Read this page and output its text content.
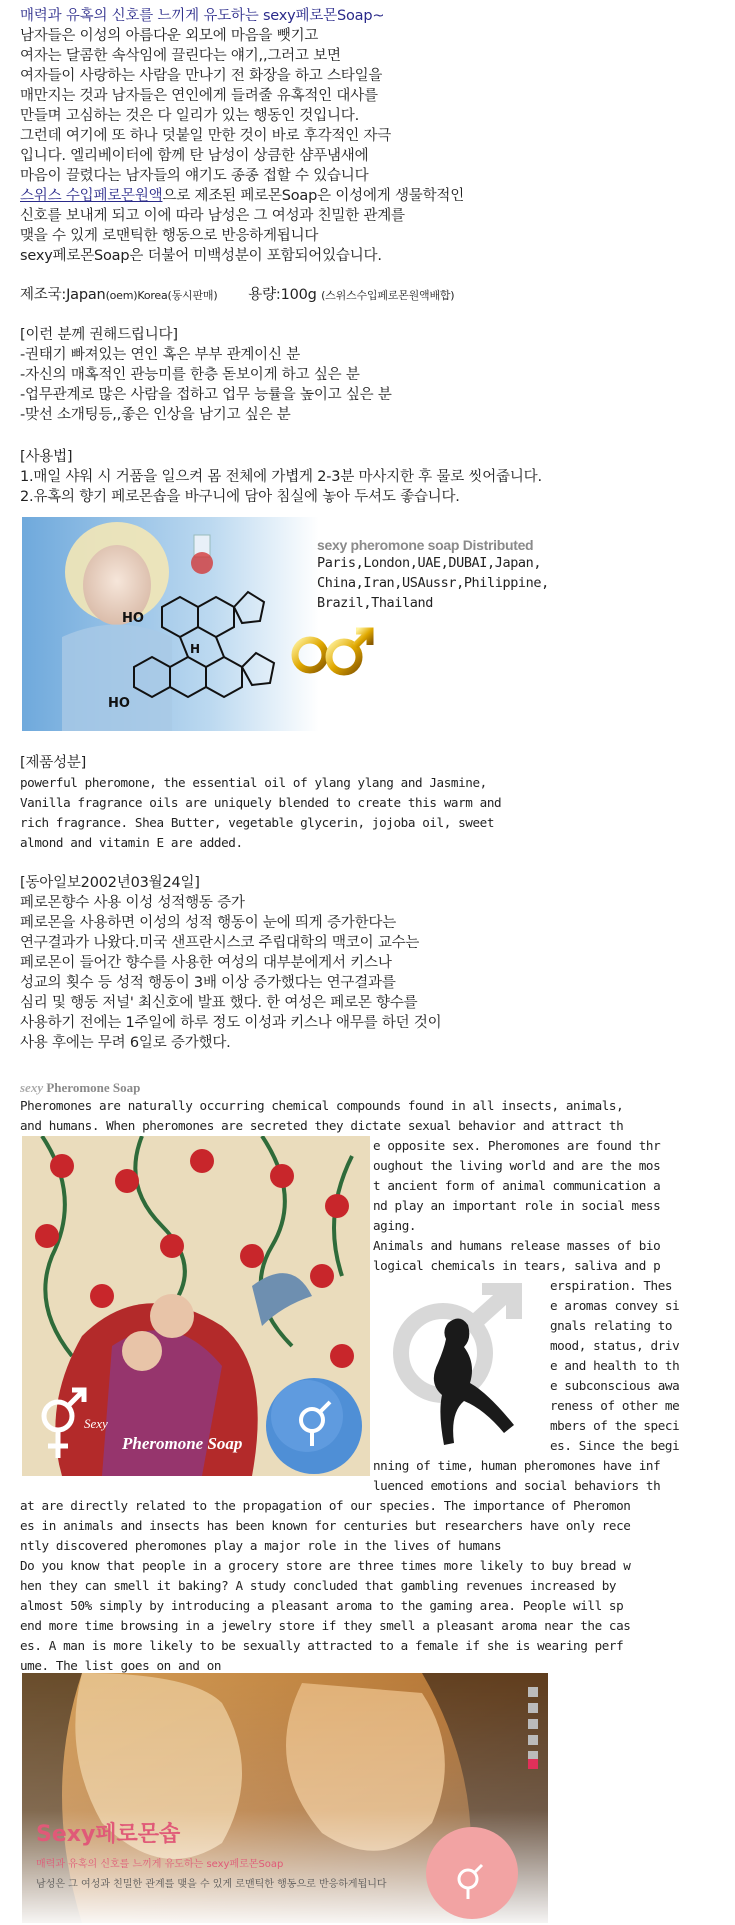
매력과 유혹의 신호를 느끼게 유도하는 sexy페로몬Soap~
남자들은 이성의 아름다운 외모에 마음을 뺏기고
여자는 달콤한 속삭임에 끌린다는 얘기,,그러고 보면
여자들이 사랑하는 사람을 만나기 전 화장을 하고 스타일을
매만지는 것과 남자들은 연인에게 들려줄 유혹적인 대사를
만들며 고심하는 것은 다 일리가 있는 행동인 것입니다.
그런데 여기에 또 하나 덧붙일 만한 것이 바로 후각적인 자극
입니다. 엘리베이터에 함께 탄 남성이 상큼한 샴푸냄새에
마음이 끌렸다는 남자들의 얘기도 종종 접할 수 있습니다
스위스 수입페로몬원액으로 제조된 페로몬Soap은 이성에게 생물학적인
신호를 보내게 되고 이에 따라 남성은 그 여성과 친밀한 관계를
맺을 수 있게 로맨틱한 행동으로 반응하게됩니다
sexy페로몬Soap은 더불어 미백성분이 포함되어있습니다.
제조국:Japan(oem)Korea(동시판매) 용량:100g (스위스수입페로몬원액배합)
[이런 분께 권해드립니다]
-권태기 빠져있는 연인 혹은 부부 관계이신 분
-자신의 매혹적인 관능미를 한층 돋보이게 하고 싶은 분
-업무관계로 많은 사람을 접하고 업무 능률을 높이고 싶은 분
-맞선 소개팅등,,좋은 인상을 남기고 싶은 분
[사용법]
1.매일 샤워 시 거품을 일으켜 몸 전체에 가볍게 2-3분 마사지한 후 물로 씻어줍니다.
2.유혹의 향기 페로몬솝을 바구니에 담아 침실에 놓아 두셔도 좋습니다.
HO
HO
H
sexy pheromone soap Distributed
Paris,London,UAE,DUBAI,Japan,
China,Iran,USAussr,Philippine,
Brazil,Thailand
[제품성분]
powerful pheromone, the essential oil of ylang ylang and Jasmine,
Vanilla fragrance oils are uniquely blended to create this warm and
rich fragrance. Shea Butter, vegetable glycerin, jojoba oil, sweet
almond and vitamin E are added.
[동아일보2002년03월24일]
페로몬향수 사용 이성 성적행동 증가
페로몬을 사용하면 이성의 성적 행동이 눈에 띄게 증가한다는
연구결과가 나왔다.미국 샌프란시스코 주립대학의 맥코이 교수는
페로몬이 들어간 향수를 사용한 여성의 대부분에게서 키스나
성교의 횟수 등 성적 행동이 3배 이상 증가했다는 연구결과를
심리 및 행동 저널' 최신호에 발표 했다. 한 여성은 페로몬 향수를
사용하기 전에는 1주일에 하루 정도 이성과 키스나 애무를 하던 것이
사용 후에는 무려 6일로 증가했다.
sexy Pheromone Soap
Pheromones are naturally occurring chemical compounds found in all insects, animals,
and humans. When pheromones are secreted they dictate sexual behavior and attract th
e opposite sex. Pheromones are found thr
oughout the living world and are the mos
t ancient form of animal communication a
nd play an important role in social mess
aging.
Animals and humans release masses of bio
logical chemicals in tears, saliva and p
erspiration. Thes
e aromas convey si
gnals relating to
mood, status, driv
e and health to th
e subconscious awa
reness of other me
mbers of the speci
es. Since the begi
nning of time, human pheromones have inf
luenced emotions and social behaviors th
at are directly related to the propagation of our species. The importance of Pheromon
es in animals and insects has been known for centuries but researchers have only rece
ntly discovered pheromones play a major role in the lives of humans
Do you know that people in a grocery store are three times more likely to buy bread w
hen they can smell it baking? A study concluded that gambling revenues increased by
almost 50% simply by introducing a pleasant aroma to the gaming area. People will sp
end more time browsing in a jewelry store if they smell a pleasant aroma near the cas
es. A man is more likely to be sexually attracted to a female if she is wearing perf
ume. The list goes on and on
Sexy
Pheromone Soap
Sexy페로몬솝
매력과 유혹의 신호를 느끼게 유도하는 sexy페로몬Soap
남성은 그 여성과 친밀한 관계를 맺을 수 있게 로맨틱한 행동으로 반응하게됩니다
